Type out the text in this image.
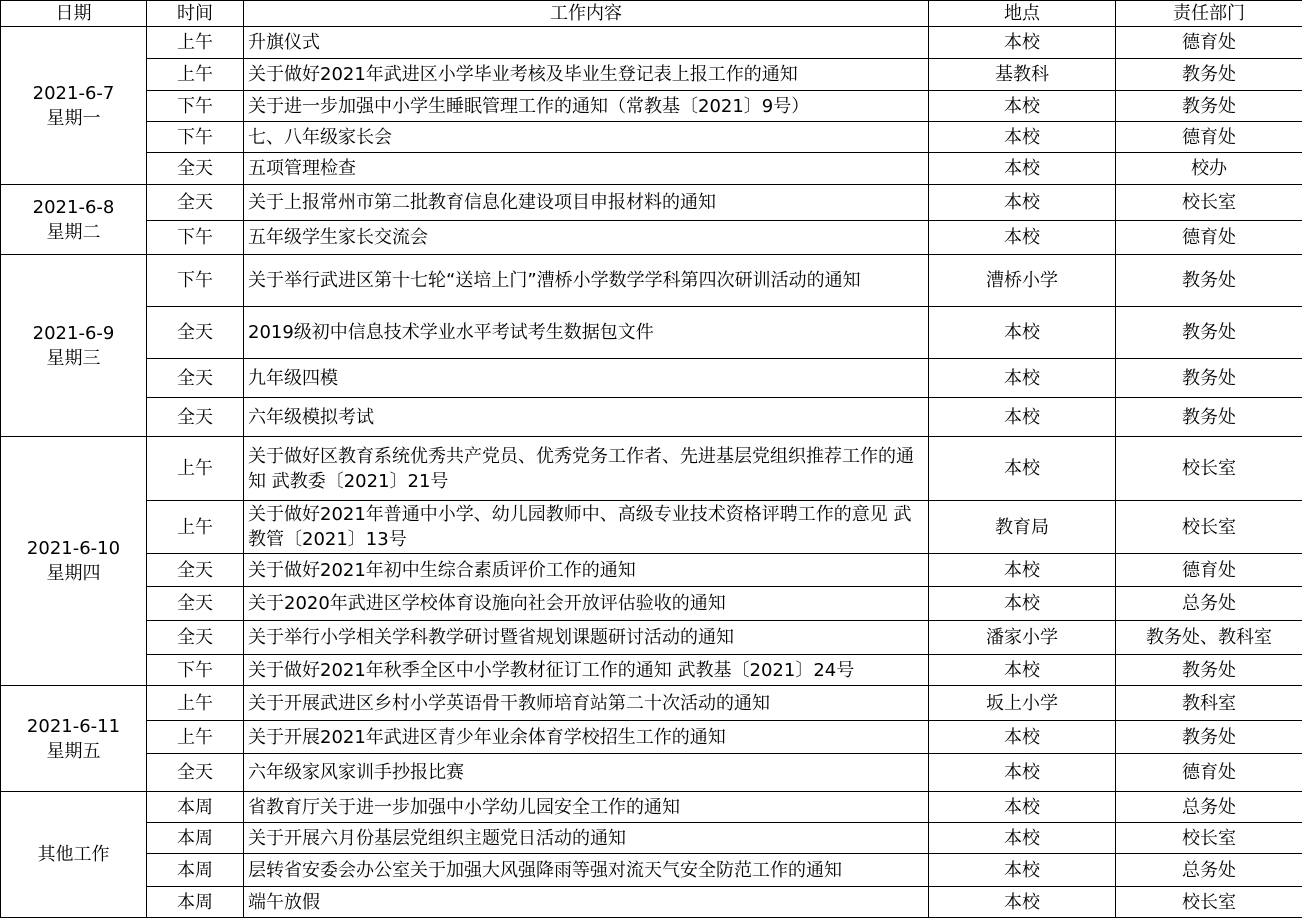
日期	时间	工作内容	地点	责任部门

2021-6-7
星期一	上午	升旗仪式	本校	德育处
	上午	关于做好2021年武进区小学毕业考核及毕业生登记表上报工作的通知	基教科	教务处
	下午	关于进一步加强中小学生睡眠管理工作的通知（常教基〔2021〕9号）	本校	教务处
	下午	七、八年级家长会	本校	德育处
	全天	五项管理检查	本校	校办

2021-6-8
星期二	全天	关于上报常州市第二批教育信息化建设项目申报材料的通知	本校	校长室
	下午	五年级学生家长交流会	本校	德育处

2021-6-9
星期三	下午	关于举行武进区第十七轮“送培上门”漕桥小学数学学科第四次研训活动的通知	漕桥小学	教务处
	全天	2019级初中信息技术学业水平考试考生数据包文件	本校	教务处
	全天	九年级四模	本校	教务处
	全天	六年级模拟考试	本校	教务处

2021-6-10
星期四	上午	关于做好区教育系统优秀共产党员、优秀党务工作者、先进基层党组织推荐工作的通知 武教委〔2021〕21号	本校	校长室
	上午	关于做好2021年普通中小学、幼儿园教师中、高级专业技术资格评聘工作的意见 武教管〔2021〕13号	教育局	校长室
	全天	关于做好2021年初中生综合素质评价工作的通知	本校	德育处
	全天	关于2020年武进区学校体育设施向社会开放评估验收的通知	本校	总务处
	全天	关于举行小学相关学科教学研讨暨省规划课题研讨活动的通知	潘家小学	教务处、教科室
	下午	关于做好2021年秋季全区中小学教材征订工作的通知 武教基〔2021〕24号	本校	教务处

2021-6-11
星期五	上午	关于开展武进区乡村小学英语骨干教师培育站第二十次活动的通知	坂上小学	教科室
	上午	关于开展2021年武进区青少年业余体育学校招生工作的通知	本校	教务处
	全天	六年级家风家训手抄报比赛	本校	德育处

其他工作	本周	省教育厅关于进一步加强中小学幼儿园安全工作的通知	本校	总务处
	本周	关于开展六月份基层党组织主题党日活动的通知	本校	校长室
	本周	层转省安委会办公室关于加强大风强降雨等强对流天气安全防范工作的通知	本校	总务处
	本周	端午放假	本校	校长室
